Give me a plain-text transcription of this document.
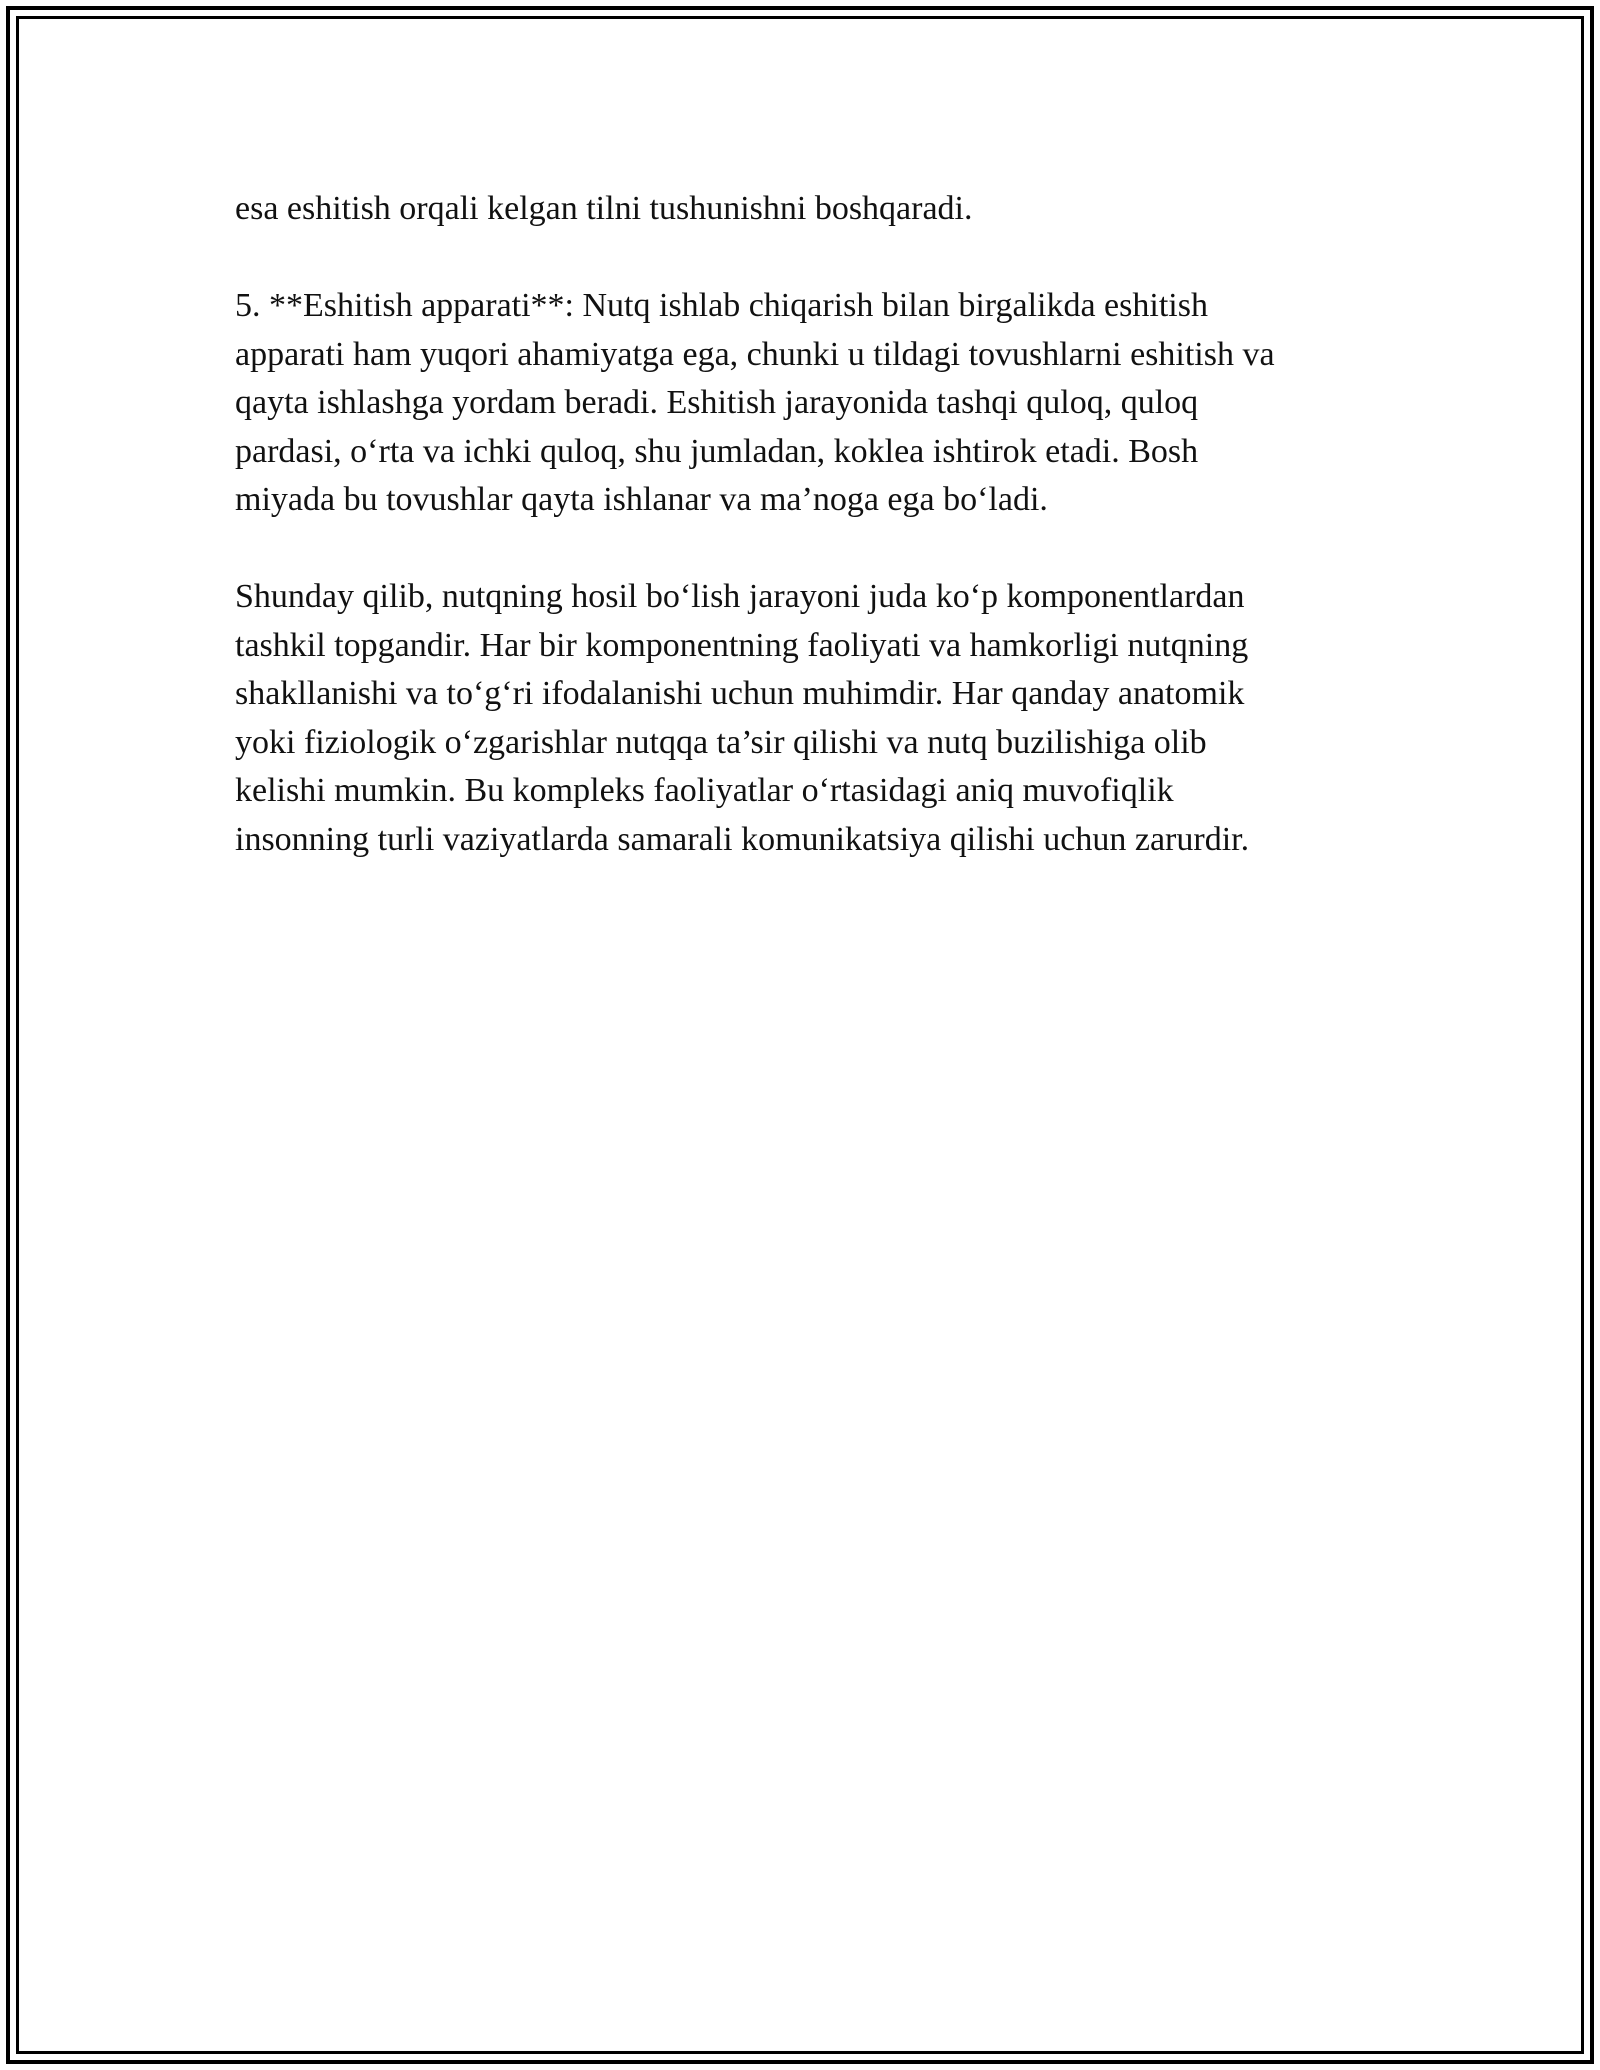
esa eshitish orqali kelgan tilni tushunishni boshqaradi.

5. **Eshitish apparati**: Nutq ishlab chiqarish bilan birgalikda eshitish
apparati ham yuqori ahamiyatga ega, chunki u tildagi tovushlarni eshitish va
qayta ishlashga yordam beradi. Eshitish jarayonida tashqi quloq, quloq
pardasi, o‘rta va ichki quloq, shu jumladan, koklea ishtirok etadi. Bosh
miyada bu tovushlar qayta ishlanar va ma’noga ega bo‘ladi.

Shunday qilib, nutqning hosil bo‘lish jarayoni juda ko‘p komponentlardan
tashkil topgandir. Har bir komponentning faoliyati va hamkorligi nutqning
shakllanishi va to‘g‘ri ifodalanishi uchun muhimdir. Har qanday anatomik
yoki fiziologik o‘zgarishlar nutqqa ta’sir qilishi va nutq buzilishiga olib
kelishi mumkin. Bu kompleks faoliyatlar o‘rtasidagi aniq muvofiqlik
insonning turli vaziyatlarda samarali komunikatsiya qilishi uchun zarurdir.
